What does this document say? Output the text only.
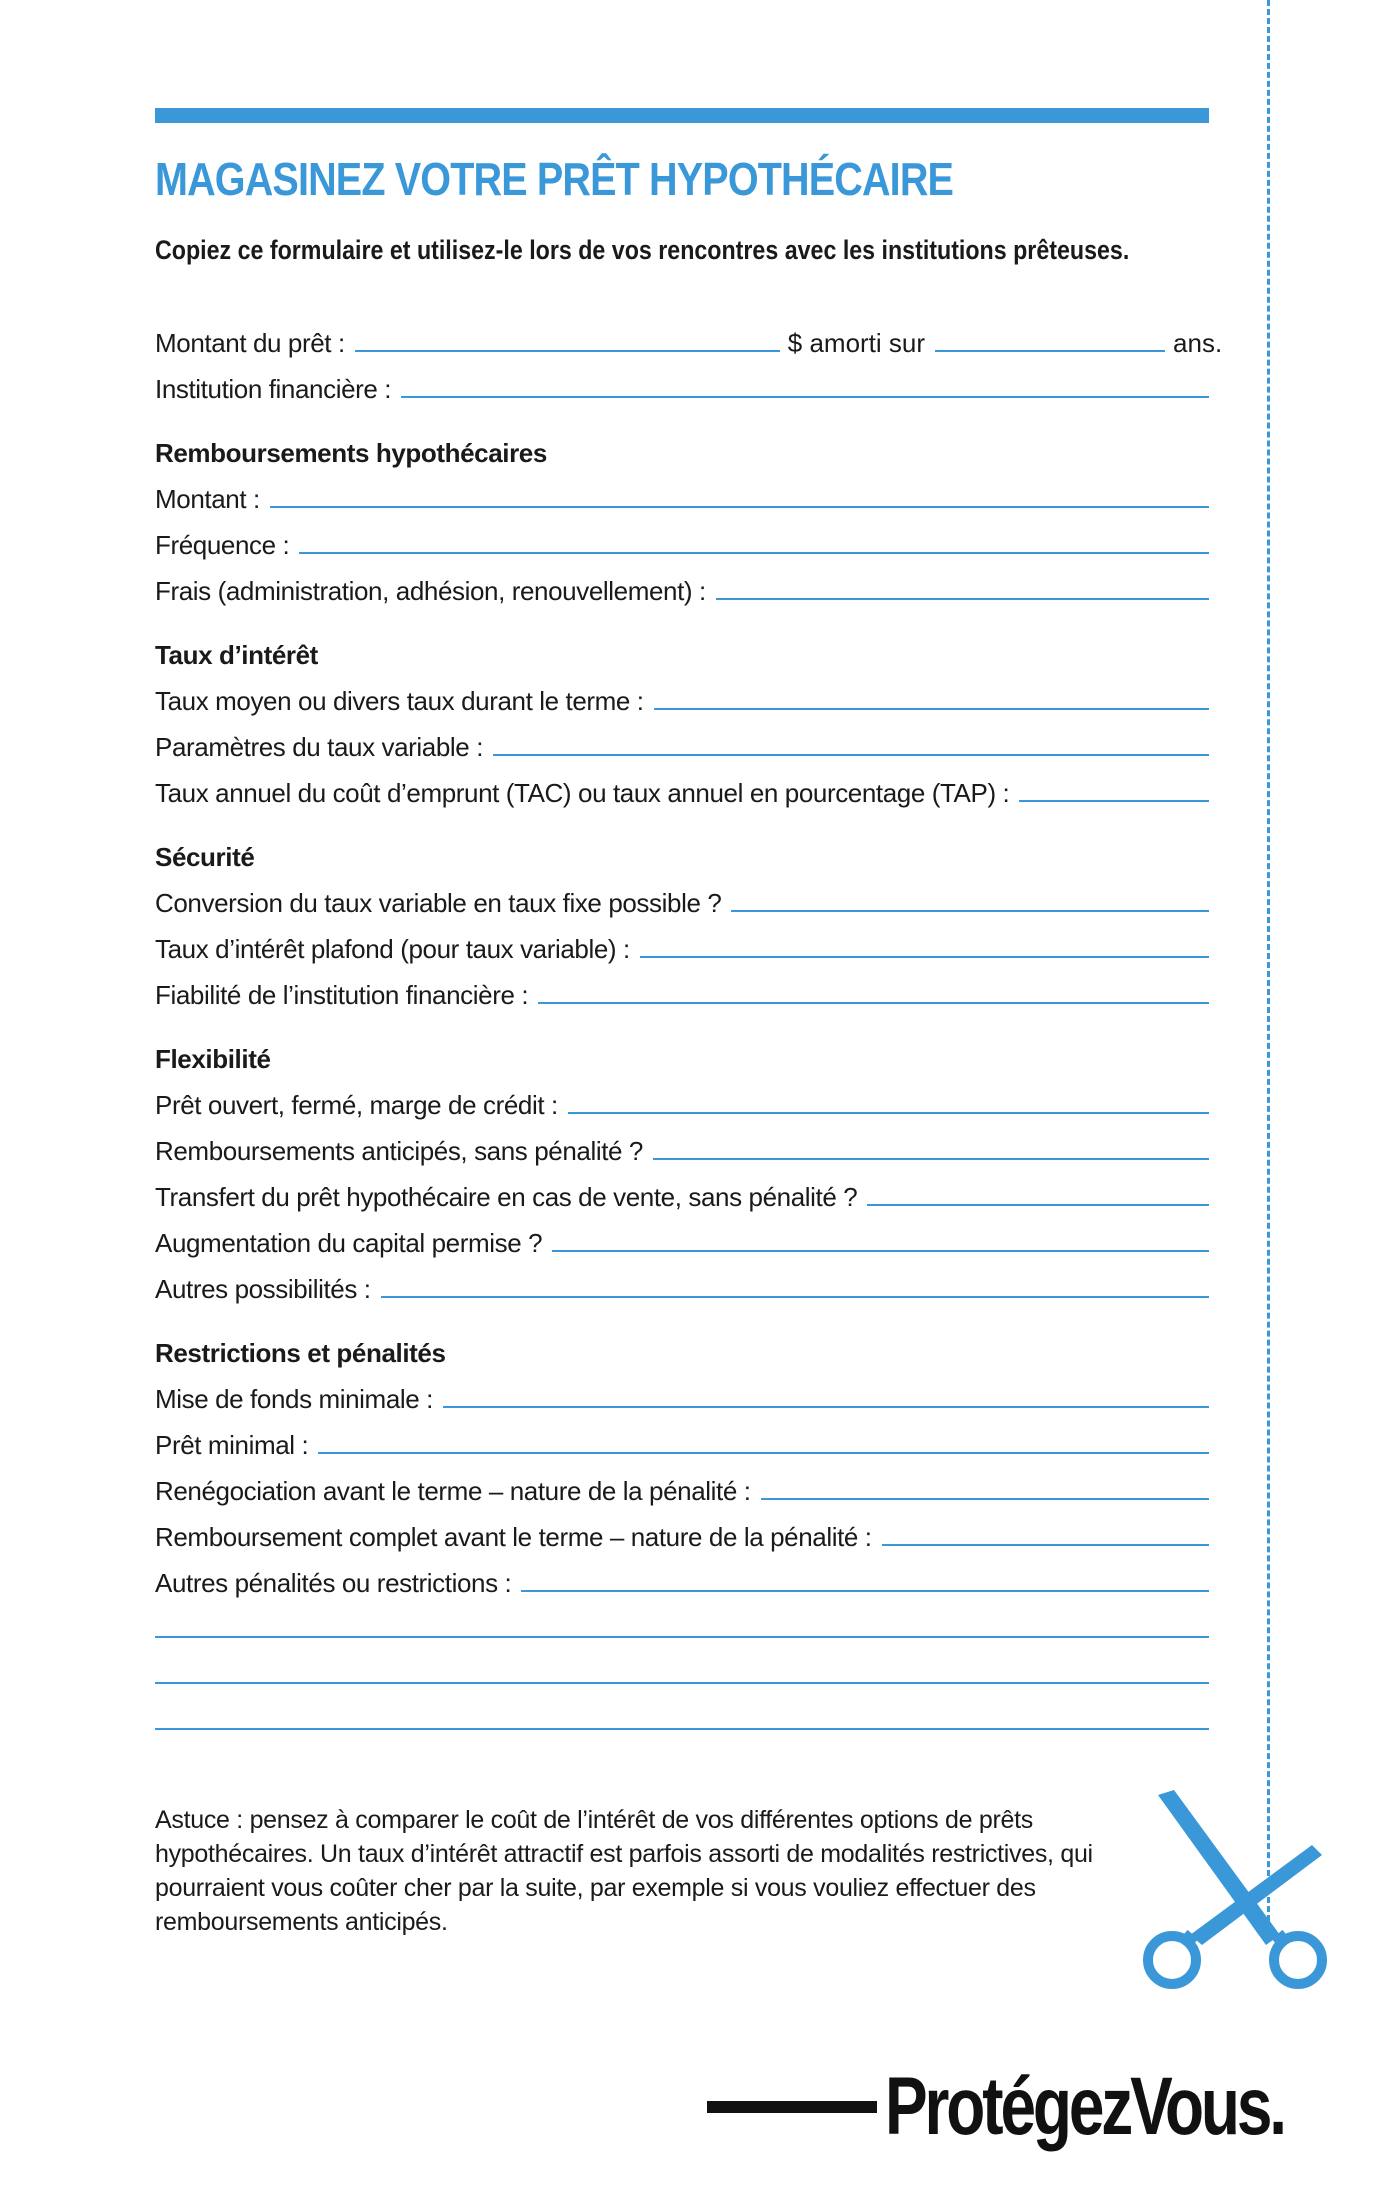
MAGASINEZ VOTRE PRÊT HYPOTHÉCAIRE

Copiez ce formulaire et utilisez-le lors de vos rencontres avec les institutions prêteuses.

Montant du prêt :	$ amorti sur	ans.
Institution financière :
Remboursements hypothécaires
Montant :
Fréquence :
Frais (administration, adhésion, renouvellement) :
Taux d’intérêt
Taux moyen ou divers taux durant le terme :
Paramètres du taux variable :
Taux annuel du coût d’emprunt (TAC) ou taux annuel en pourcentage (TAP) :
Sécurité
Conversion du taux variable en taux fixe possible ?
Taux d’intérêt plafond (pour taux variable) :
Fiabilité de l’institution financière :
Flexibilité
Prêt ouvert, fermé, marge de crédit :
Remboursements anticipés, sans pénalité ?
Transfert du prêt hypothécaire en cas de vente, sans pénalité ?
Augmentation du capital permise ?
Autres possibilités :
Restrictions et pénalités
Mise de fonds minimale :
Prêt minimal :
Renégociation avant le terme – nature de la pénalité :
Remboursement complet avant le terme – nature de la pénalité :
Autres pénalités ou restrictions :

Astuce : pensez à comparer le coût de l’intérêt de vos différentes options de prêts hypothécaires. Un taux d’intérêt attractif est parfois assorti de modalités restrictives, qui pourraient vous coûter cher par la suite, par exemple si vous vouliez effectuer des remboursements anticipés.

ProtégezVous.
